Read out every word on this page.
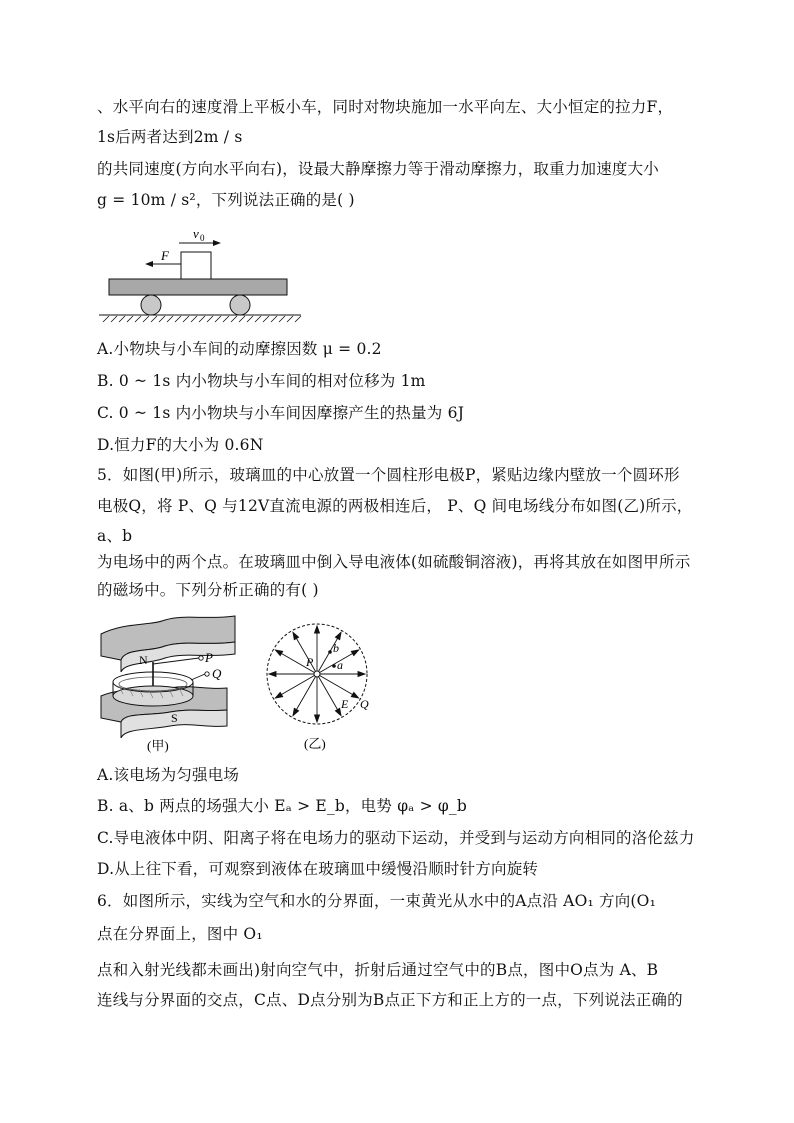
、水平向右的速度滑上平板小车，同时对物块施加一水平向左、大小恒定的拉力F，
1s后两者达到2m / s
的共同速度(方向水平向右)，设最大静摩擦力等于滑动摩擦力，取重力加速度大小
g = 10m / s²，下列说法正确的是( )
v 0
F
A.小物块与小车间的动摩擦因数 μ = 0.2
B. 0 ~ 1s 内小物块与小车间的相对位移为 1m
C. 0 ~ 1s 内小物块与小车间因摩擦产生的热量为 6J
D.恒力F的大小为 0.6N
5．如图(甲)所示，玻璃皿的中心放置一个圆柱形电极P，紧贴边缘内壁放一个圆环形
电极Q，将 P、Q 与12V直流电源的两极相连后， P、Q 间电场线分布如图(乙)所示，
a、b
为电场中的两个点。在玻璃皿中倒入导电液体(如硫酸铜溶液)，再将其放在如图甲所示
的磁场中。下列分析正确的有( )
N
S
P
Q
(甲)
P
b
a
E Q
(乙)
A.该电场为匀强电场
B. a、b 两点的场强大小 Eₐ > E_b，电势 φₐ > φ_b
C.导电液体中阴、阳离子将在电场力的驱动下运动，并受到与运动方向相同的洛伦兹力
D.从上往下看，可观察到液体在玻璃皿中缓慢沿顺时针方向旋转
6．如图所示，实线为空气和水的分界面，一束黄光从水中的A点沿 AO₁ 方向(O₁
点在分界面上，图中 O₁
点和入射光线都未画出)射向空气中，折射后通过空气中的B点，图中O点为 A、B
连线与分界面的交点，C点、D点分别为B点正下方和正上方的一点，下列说法正确的
